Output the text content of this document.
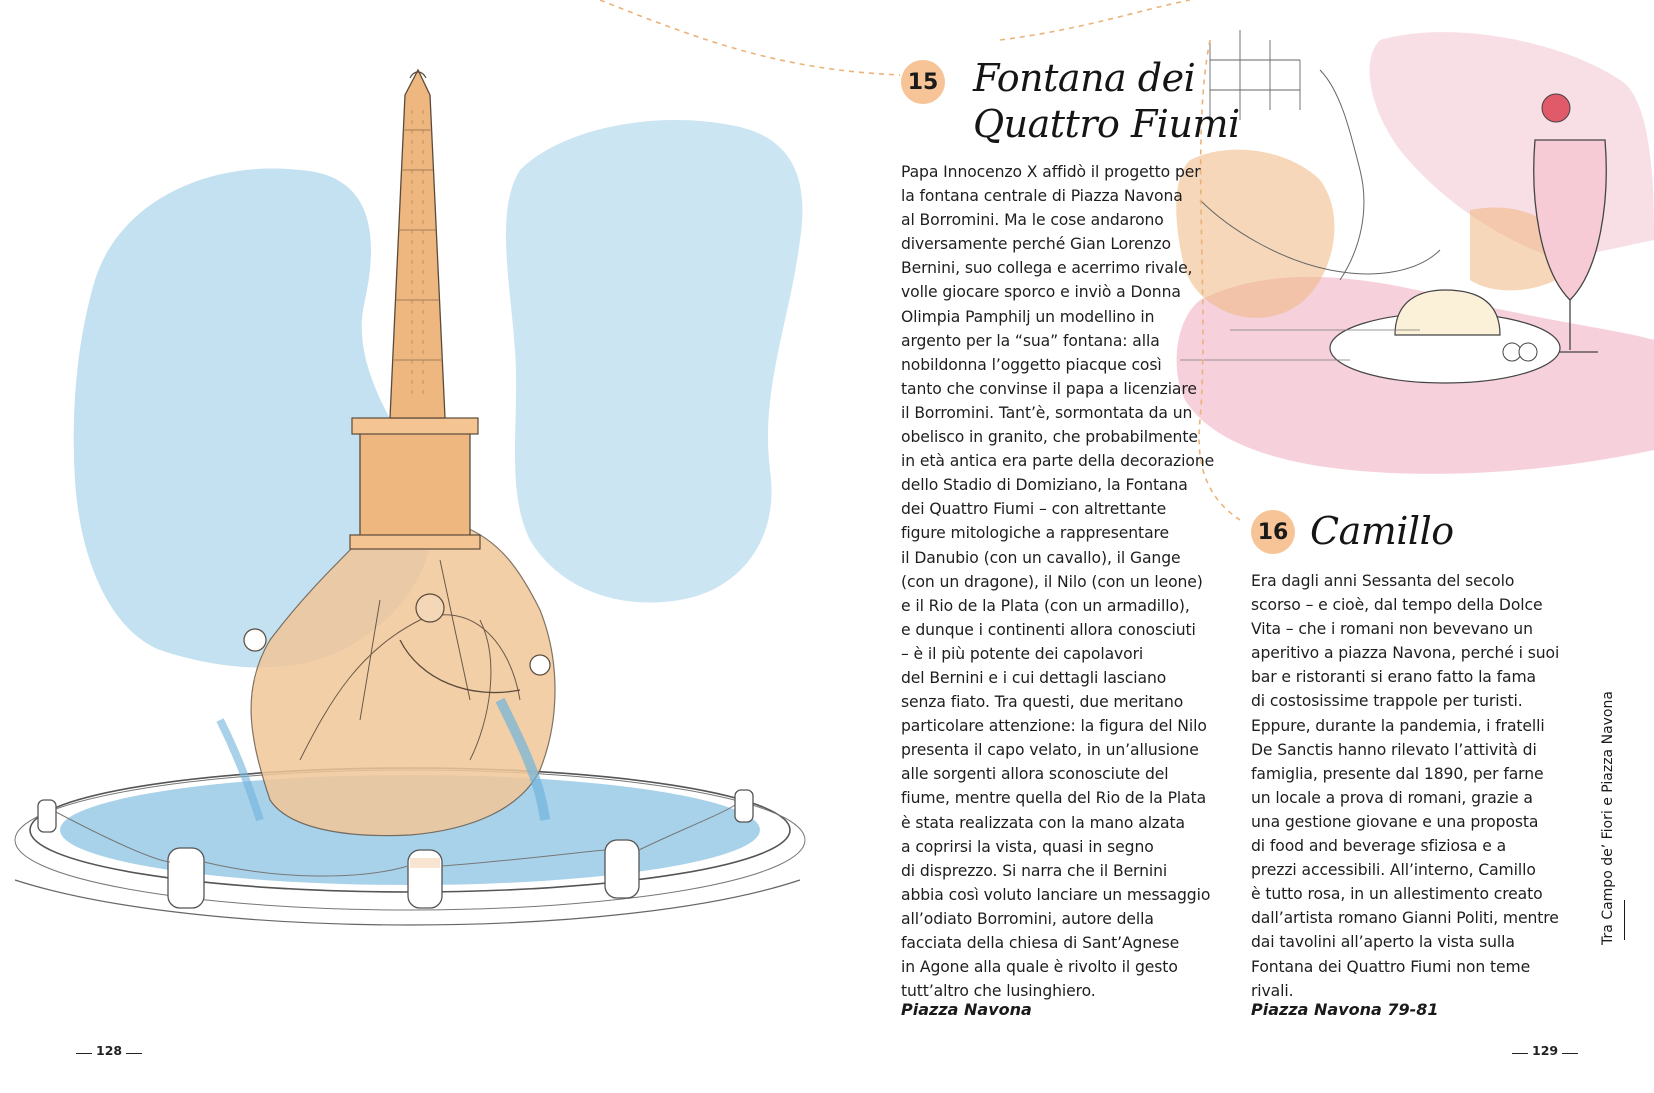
15 Fontana dei
Quattro Fiumi
Papa Innocenzo X affidò il progetto per
la fontana centrale di Piazza Navona
al Borromini. Ma le cose andarono
diversamente perché Gian Lorenzo
Bernini, suo collega e acerrimo rivale,
volle giocare sporco e inviò a Donna
Olimpia Pamphilj un modellino in
argento per la “sua” fontana: alla
nobildonna l’oggetto piacque così
tanto che convinse il papa a licenziare
il Borromini. Tant’è, sormontata da un
obelisco in granito, che probabilmente
in età antica era parte della decorazione
dello Stadio di Domiziano, la Fontana
dei Quattro Fiumi – con altrettante
figure mitologiche a rappresentare
il Danubio (con un cavallo), il Gange
(con un dragone), il Nilo (con un leone)
e il Rio de la Plata (con un armadillo),
e dunque i continenti allora conosciuti
– è il più potente dei capolavori
del Bernini e i cui dettagli lasciano
senza fiato. Tra questi, due meritano
particolare attenzione: la figura del Nilo
presenta il capo velato, in un’allusione
alle sorgenti allora sconosciute del
fiume, mentre quella del Rio de la Plata
è stata realizzata con la mano alzata
a coprirsi la vista, quasi in segno
di disprezzo. Si narra che il Bernini
abbia così voluto lanciare un messaggio
all’odiato Borromini, autore della
facciata della chiesa di Sant’Agnese
in Agone alla quale è rivolto il gesto
tutt’altro che lusinghiero.
Piazza Navona
16 Camillo
Era dagli anni Sessanta del secolo
scorso – e cioè, dal tempo della Dolce
Vita – che i romani non bevevano un
aperitivo a piazza Navona, perché i suoi
bar e ristoranti si erano fatto la fama
di costosissime trappole per turisti.
Eppure, durante la pandemia, i fratelli
De Sanctis hanno rilevato l’attività di
famiglia, presente dal 1890, per farne
un locale a prova di romani, grazie a
una gestione giovane e una proposta
di food and beverage sfiziosa e a
prezzi accessibili. All’interno, Camillo
è tutto rosa, in un allestimento creato
dall’artista romano Gianni Politi, mentre
dai tavolini all’aperto la vista sulla
Fontana dei Quattro Fiumi non teme
rivali.
Piazza Navona 79-81
Tra Campo de’ Fiori e Piazza Navona
128	129
